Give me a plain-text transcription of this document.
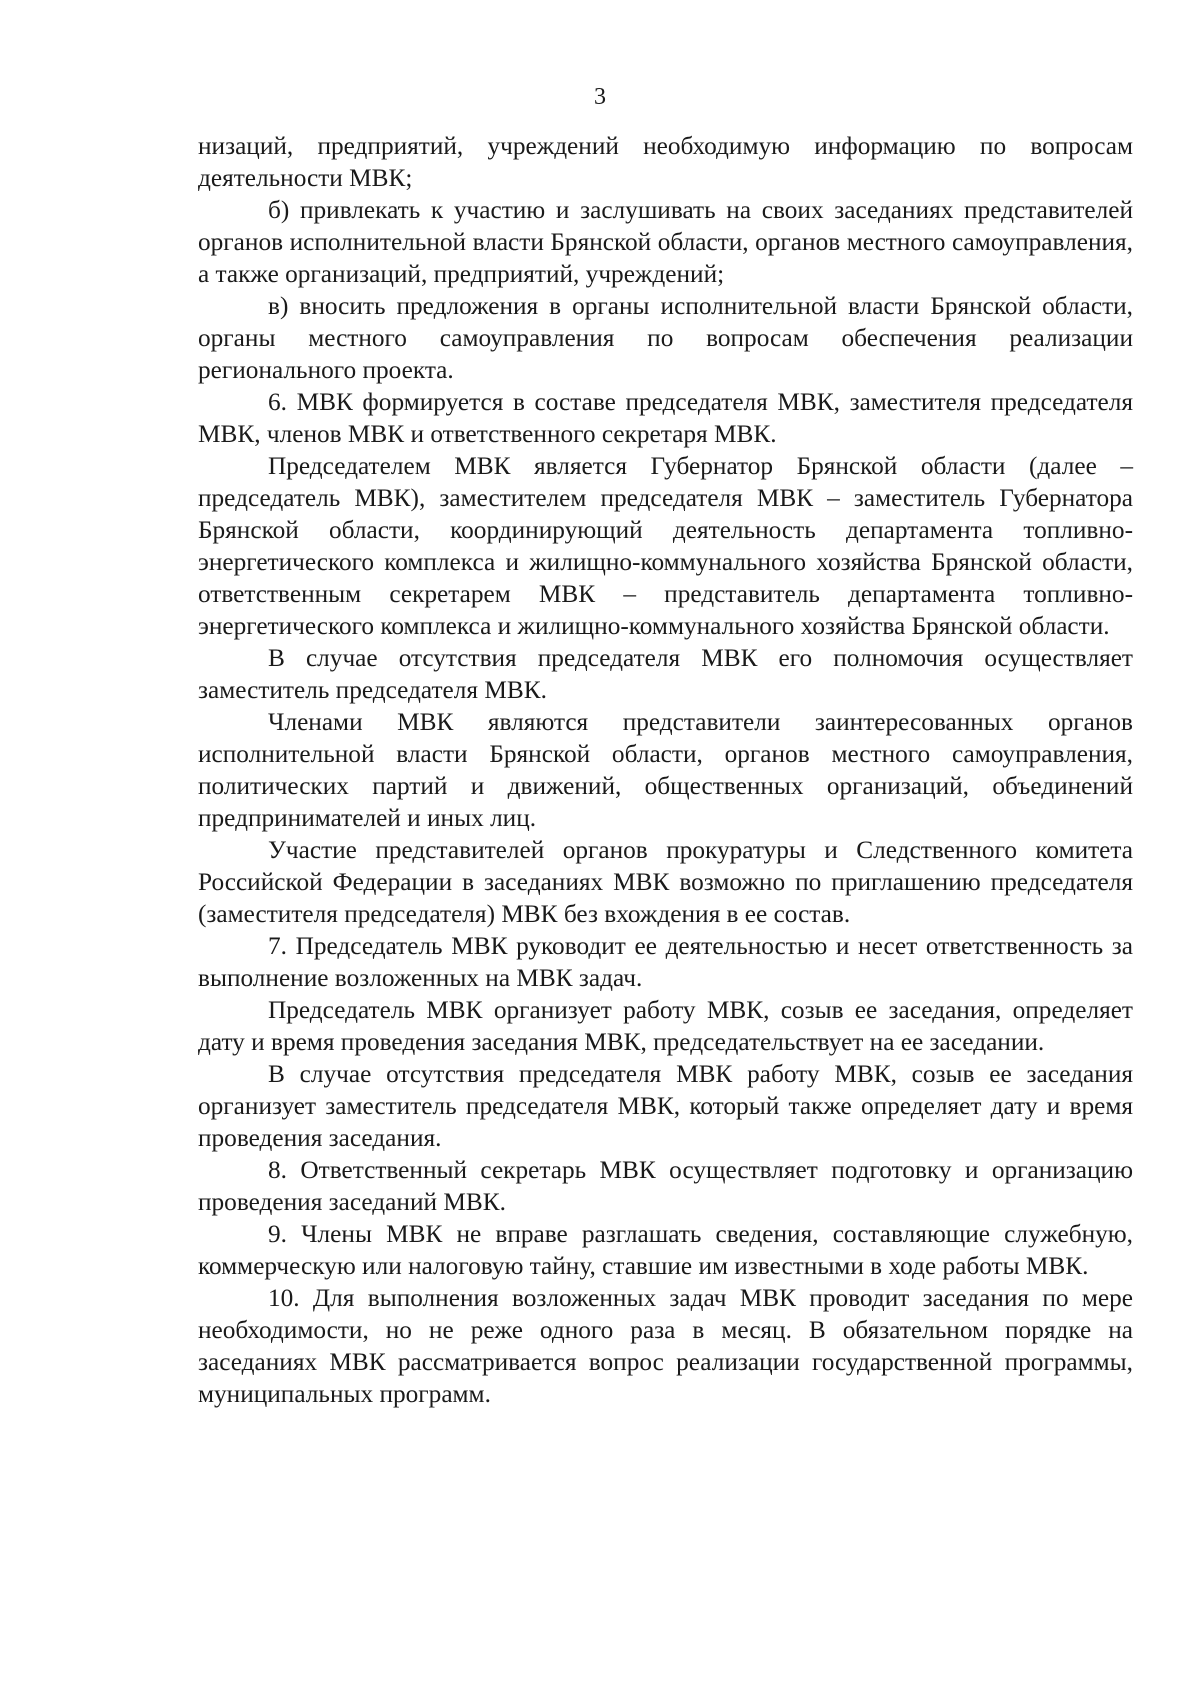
3

низаций, предприятий, учреждений необходимую информацию по вопросам деятельности МВК;

б) привлекать к участию и заслушивать на своих заседаниях представителей органов исполнительной власти Брянской области, органов местного самоуправления, а также организаций, предприятий, учреждений;

в) вносить предложения в органы исполнительной власти Брянской области, органы местного самоуправления по вопросам обеспечения реализации регионального проекта.

6. МВК формируется в составе председателя МВК, заместителя председателя МВК, членов МВК и ответственного секретаря МВК.

Председателем МВК является Губернатор Брянской области (далее – председатель МВК), заместителем председателя МВК – заместитель Губернатора Брянской области, координирующий деятельность департамента топливно-энергетического комплекса и жилищно-коммунального хозяйства Брянской области, ответственным секретарем МВК – представитель департамента топливно-энергетического комплекса и жилищно-коммунального хозяйства Брянской области.

В случае отсутствия председателя МВК его полномочия осуществляет заместитель председателя МВК.

Членами МВК являются представители заинтересованных органов исполнительной власти Брянской области, органов местного самоуправления, политических партий и движений, общественных организаций, объединений предпринимателей и иных лиц.

Участие представителей органов прокуратуры и Следственного комитета Российской Федерации в заседаниях МВК возможно по приглашению председателя (заместителя председателя) МВК без вхождения в ее состав.

7. Председатель МВК руководит ее деятельностью и несет ответственность за выполнение возложенных на МВК задач.

Председатель МВК организует работу МВК, созыв ее заседания, определяет дату и время проведения заседания МВК, председательствует на ее заседании.

В случае отсутствия председателя МВК работу МВК, созыв ее заседания организует заместитель председателя МВК, который также определяет дату и время проведения заседания.

8. Ответственный секретарь МВК осуществляет подготовку и организацию проведения заседаний МВК.

9. Члены МВК не вправе разглашать сведения, составляющие служебную, коммерческую или налоговую тайну, ставшие им известными в ходе работы МВК.

10. Для выполнения возложенных задач МВК проводит заседания по мере необходимости, но не реже одного раза в месяц. В обязательном порядке на заседаниях МВК рассматривается вопрос реализации государственной программы, муниципальных программ.
